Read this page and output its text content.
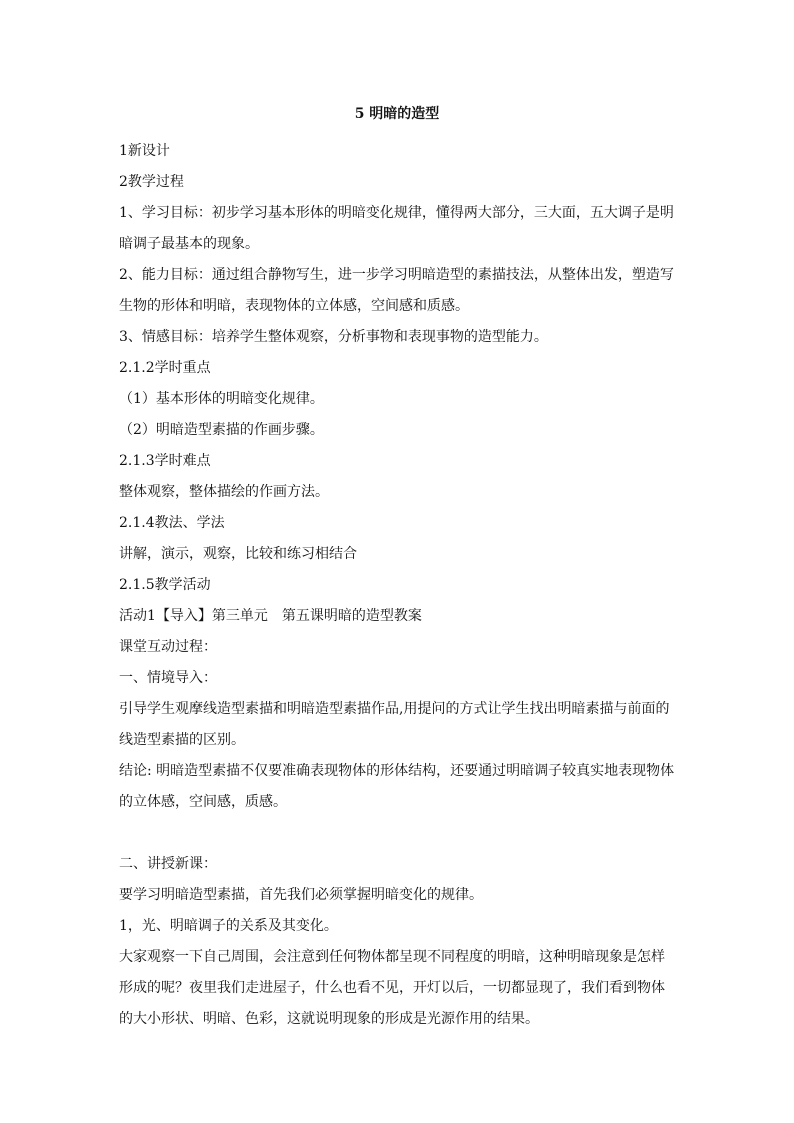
5 明暗的造型

1新设计

2教学过程

1、学习目标：初步学习基本形体的明暗变化规律，懂得两大部分，三大面，五大调子是明暗调子最基本的现象。

2、能力目标：通过组合静物写生，进一步学习明暗造型的素描技法，从整体出发，塑造写生物的形体和明暗，表现物体的立体感，空间感和质感。

3、情感目标：培养学生整体观察，分析事物和表现事物的造型能力。

2.1.2学时重点

（1）基本形体的明暗变化规律。

（2）明暗造型素描的作画步骤。

2.1.3学时难点

整体观察，整体描绘的作画方法。

2.1.4教法、学法

讲解，演示，观察，比较和练习相结合

2.1.5教学活动

活动1【导入】第三单元　第五课明暗的造型教案

课堂互动过程：

一、情境导入：

引导学生观摩线造型素描和明暗造型素描作品,用提问的方式让学生找出明暗素描与前面的线造型素描的区别。

结论: 明暗造型素描不仅要准确表现物体的形体结构，还要通过明暗调子较真实地表现物体的立体感，空间感，质感。

二、讲授新课：

要学习明暗造型素描，首先我们必须掌握明暗变化的规律。

1，光、明暗调子的关系及其变化。

大家观察一下自己周围，会注意到任何物体都呈现不同程度的明暗，这种明暗现象是怎样形成的呢？夜里我们走进屋子，什么也看不见，开灯以后，一切都显现了，我们看到物体的大小形状、明暗、色彩，这就说明现象的形成是光源作用的结果。
